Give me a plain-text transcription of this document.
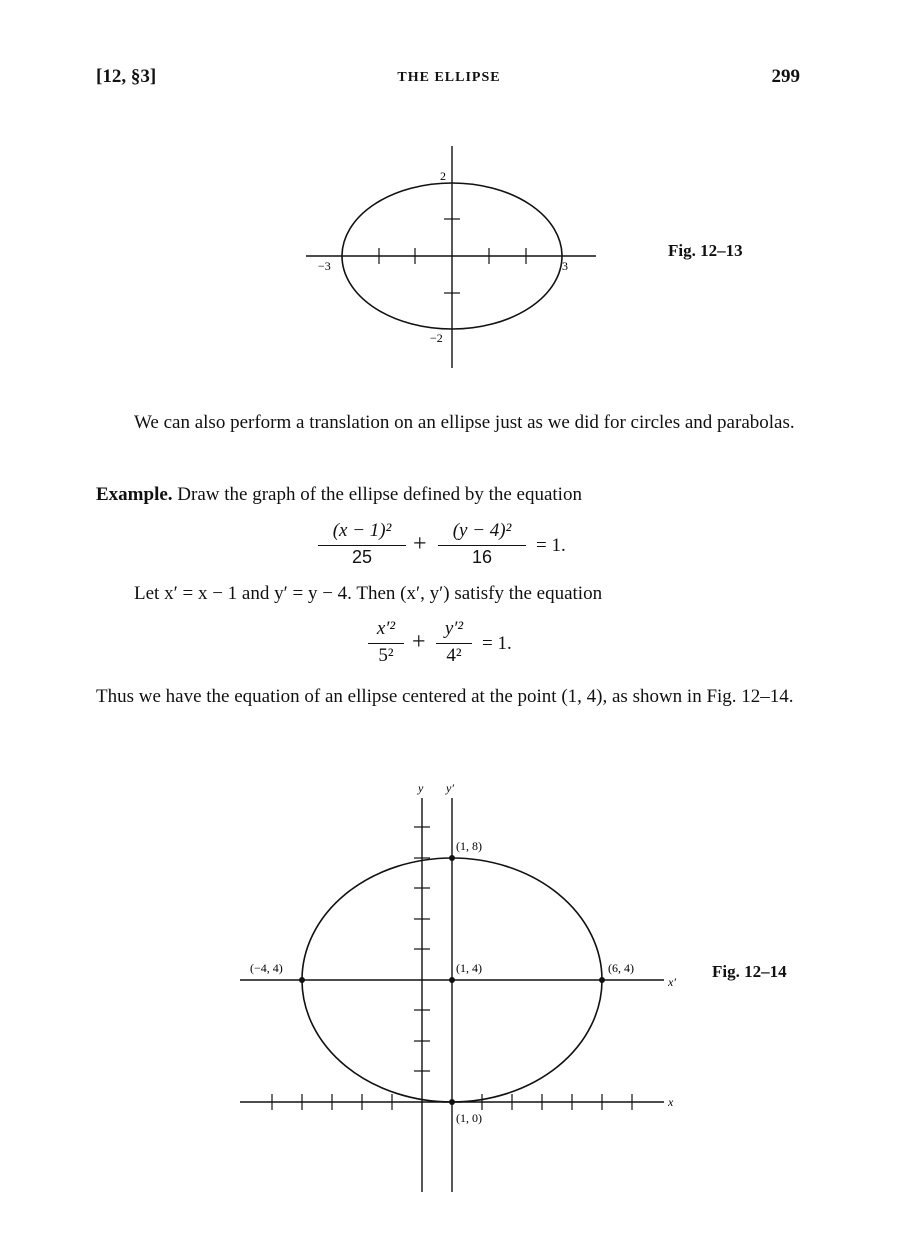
[12, §3]	THE ELLIPSE	299
2
−2
−3	3
Fig. 12–13
We can also perform a translation on an ellipse just as we did for circles and parabolas.
Example. Draw the graph of the ellipse defined by the equation
(x − 1)²
25	+
(y − 4)²
16
= 1.
Let x′ = x − 1 and y′ = y − 4. Then (x′, y′) satisfy the equation
x′²
5²
+
y′²
4²
= 1.
Thus we have the equation of an ellipse centered at the point (1, 4), as shown in Fig. 12–14.
y y′
x
x′
(1, 8)
(1, 4)
(−4, 4)	(6, 4)
(1, 0)
Fig. 12–14
